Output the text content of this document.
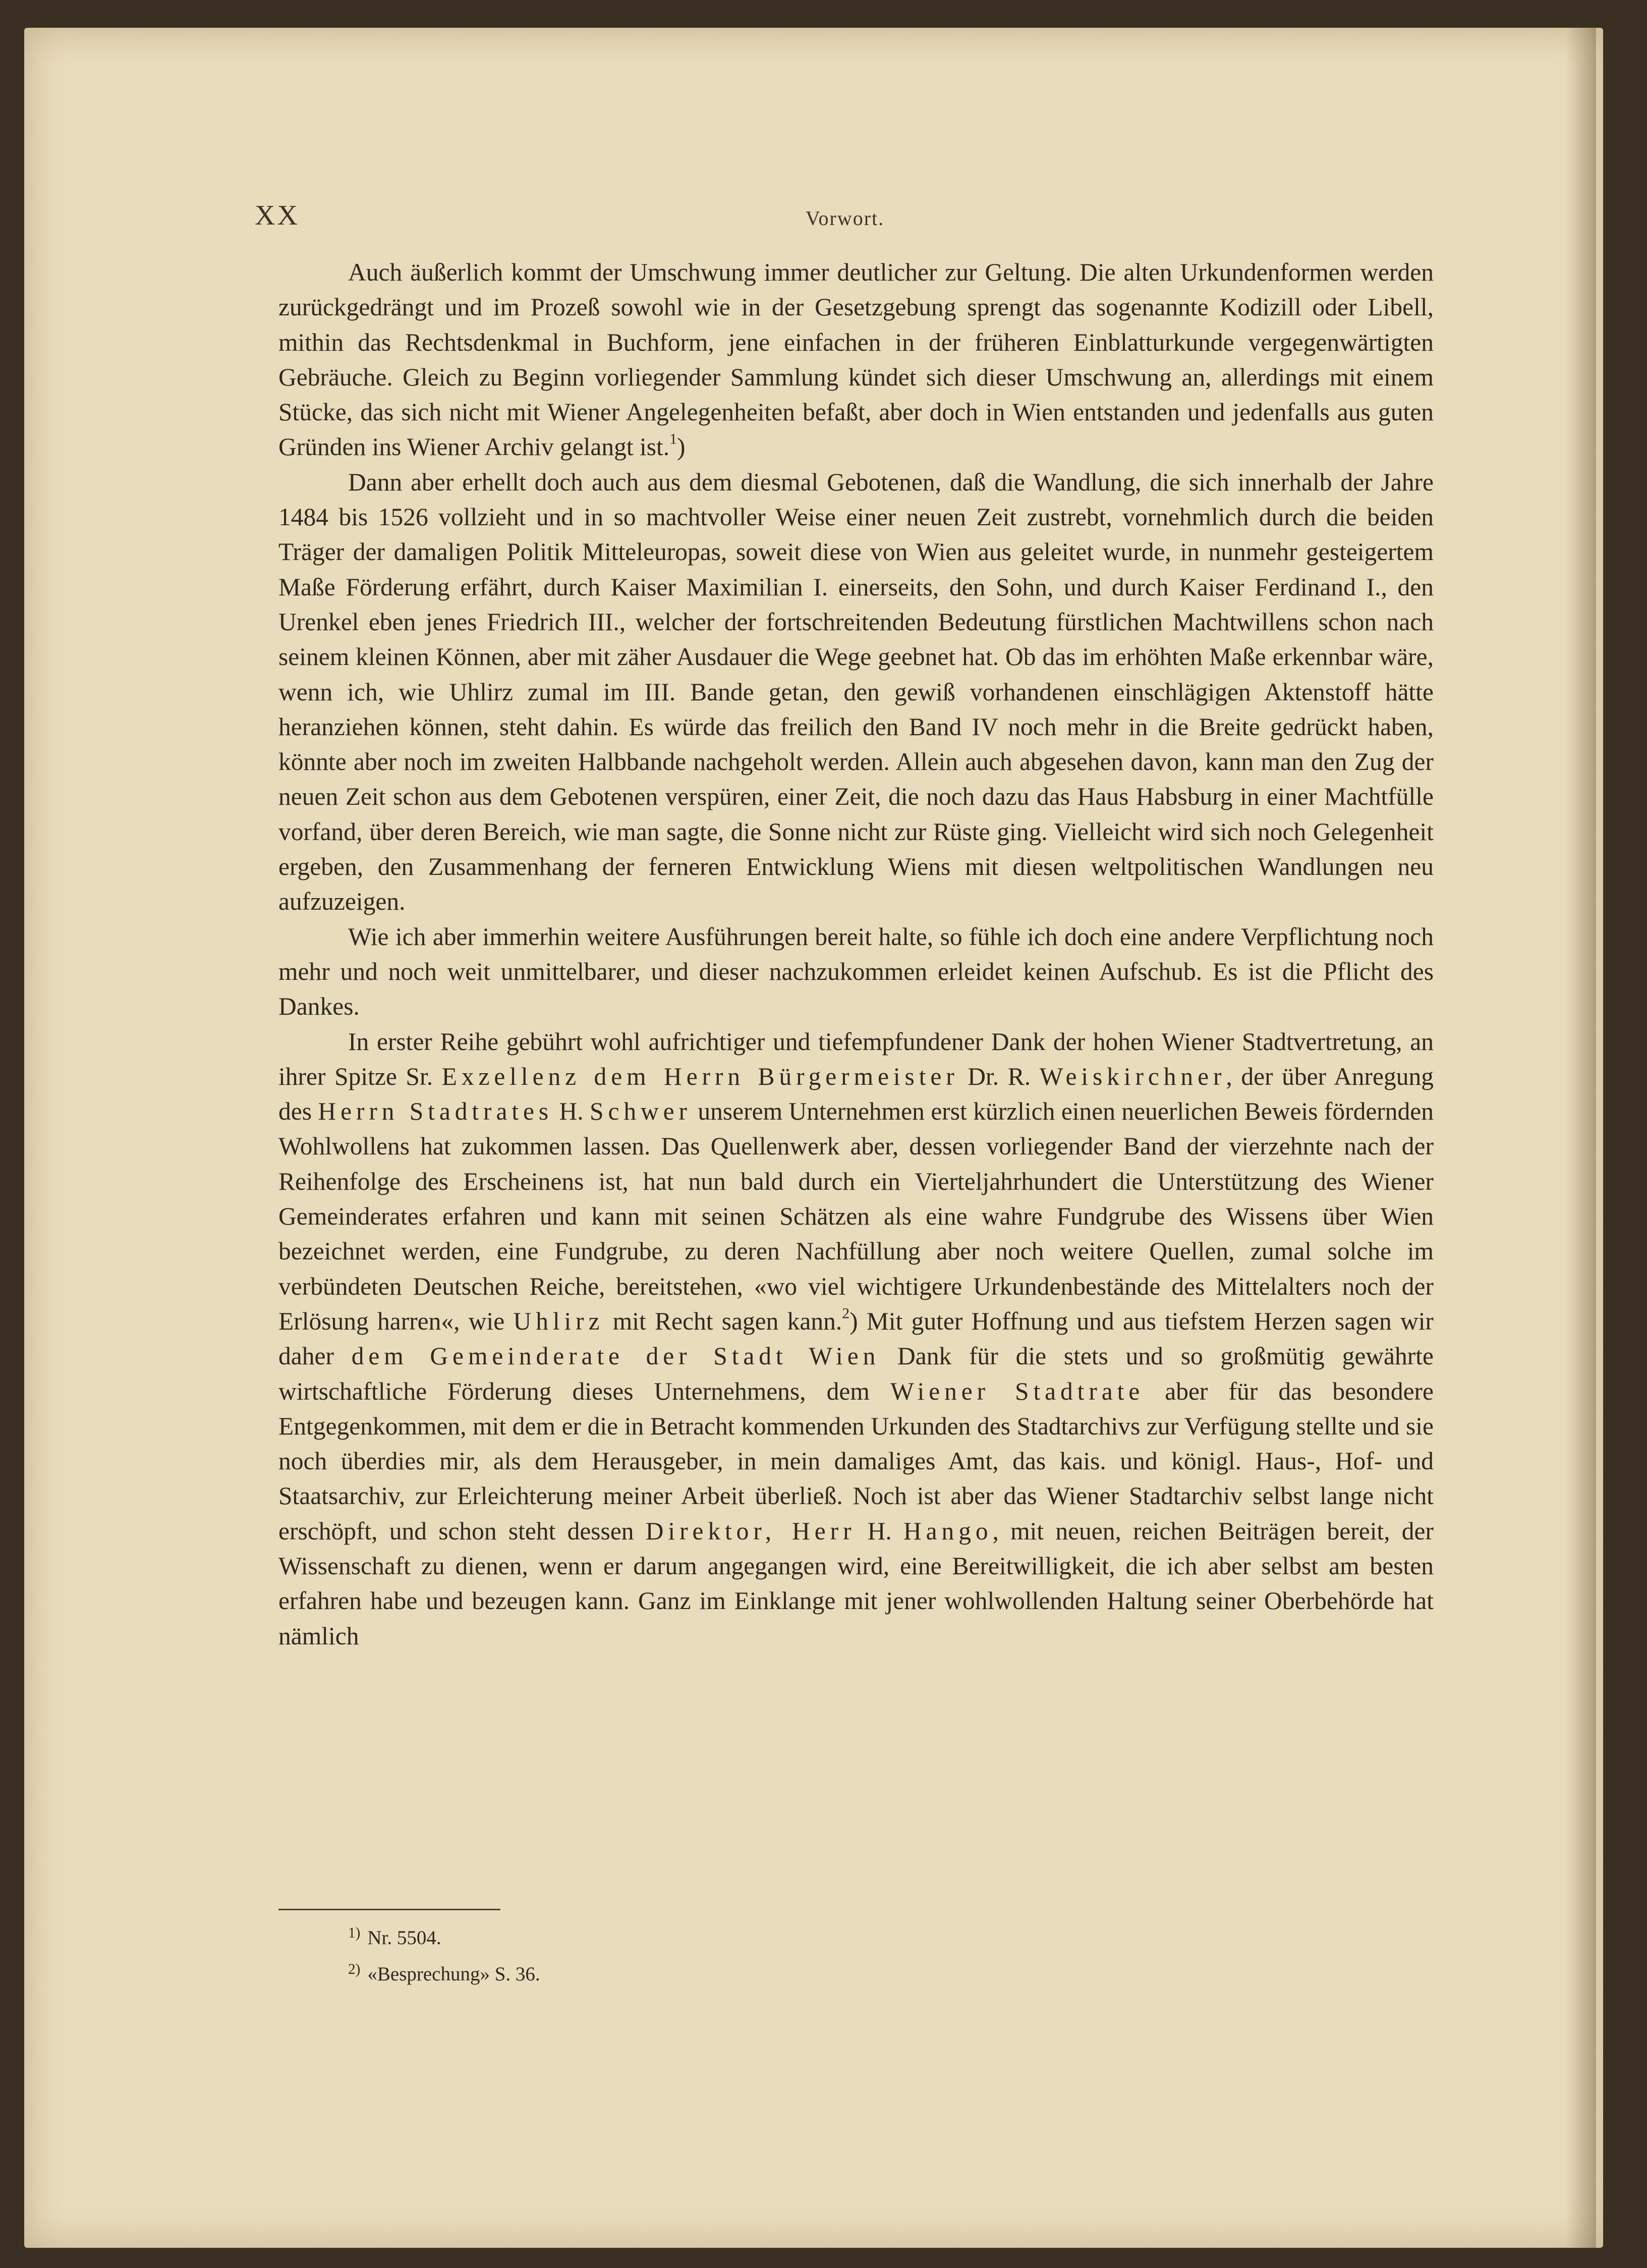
XX	Vorwort.

Auch äußerlich kommt der Umschwung immer deutlicher zur Geltung. Die alten Urkundenformen werden zurückgedrängt und im Prozeß sowohl wie in der Gesetzgebung sprengt das sogenannte Kodizill oder Libell, mithin das Rechtsdenkmal in Buchform, jene einfachen in der früheren Einblatturkunde vergegenwärtigten Gebräuche. Gleich zu Beginn vorliegender Sammlung kündet sich dieser Umschwung an, allerdings mit einem Stücke, das sich nicht mit Wiener Angelegenheiten befaßt, aber doch in Wien entstanden und jedenfalls aus guten Gründen ins Wiener Archiv gelangt ist.$^1$)

Dann aber erhellt doch auch aus dem diesmal Gebotenen, daß die Wandlung, die sich innerhalb der Jahre 1484 bis 1526 vollzieht und in so machtvoller Weise einer neuen Zeit zustrebt, vornehmlich durch die beiden Träger der damaligen Politik Mitteleuropas, soweit diese von Wien aus geleitet wurde, in nunmehr gesteigertem Maße Förderung erfährt, durch Kaiser Maximilian I. einerseits, den Sohn, und durch Kaiser Ferdinand I., den Urenkel eben jenes Friedrich III., welcher der fortschreitenden Bedeutung fürstlichen Machtwillens schon nach seinem kleinen Können, aber mit zäher Ausdauer die Wege geebnet hat. Ob das im erhöhten Maße erkennbar wäre, wenn ich, wie Uhlirz zumal im III. Bande getan, den gewiß vorhandenen einschlägigen Aktenstoff hätte heranziehen können, steht dahin. Es würde das freilich den Band IV noch mehr in die Breite gedrückt haben, könnte aber noch im zweiten Halbbande nachgeholt werden. Allein auch abgesehen davon, kann man den Zug der neuen Zeit schon aus dem Gebotenen verspüren, einer Zeit, die noch dazu das Haus Habsburg in einer Machtfülle vorfand, über deren Bereich, wie man sagte, die Sonne nicht zur Rüste ging. Vielleicht wird sich noch Gelegenheit ergeben, den Zusammenhang der ferneren Entwicklung Wiens mit diesen weltpolitischen Wandlungen neu aufzuzeigen.

Wie ich aber immerhin weitere Ausführungen bereit halte, so fühle ich doch eine andere Verpflichtung noch mehr und noch weit unmittelbarer, und dieser nachzukommen erleidet keinen Aufschub. Es ist die Pflicht des Dankes.

In erster Reihe gebührt wohl aufrichtiger und tiefempfundener Dank der hohen Wiener Stadtvertretung, an ihrer Spitze Sr. Exzellenz dem Herrn Bürgermeister Dr. R. Weiskirchner, der über Anregung des Herrn Stadtrates H. Schwer unserem Unternehmen erst kürzlich einen neuerlichen Beweis fördernden Wohlwollens hat zukommen lassen. Das Quellenwerk aber, dessen vorliegender Band der vierzehnte nach der Reihenfolge des Erscheinens ist, hat nun bald durch ein Vierteljahrhundert die Unterstützung des Wiener Gemeinderates erfahren und kann mit seinen Schätzen als eine wahre Fundgrube des Wissens über Wien bezeichnet werden, eine Fundgrube, zu deren Nachfüllung aber noch weitere Quellen, zumal solche im verbündeten Deutschen Reiche, bereitstehen, «wo viel wichtigere Urkundenbestände des Mittelalters noch der Erlösung harren«, wie Uhlirz mit Recht sagen kann.$^2$) Mit guter Hoffnung und aus tiefstem Herzen sagen wir daher dem Gemeinderate der Stadt Wien Dank für die stets und so großmütig gewährte wirtschaftliche Förderung dieses Unternehmens, dem Wiener Stadtrate aber für das besondere Entgegenkommen, mit dem er die in Betracht kommenden Urkunden des Stadtarchivs zur Verfügung stellte und sie noch überdies mir, als dem Herausgeber, in mein damaliges Amt, das kais. und königl. Haus-, Hof- und Staatsarchiv, zur Erleichterung meiner Arbeit überließ. Noch ist aber das Wiener Stadtarchiv selbst lange nicht erschöpft, und schon steht dessen Direktor, Herr H. Hango, mit neuen, reichen Beiträgen bereit, der Wissenschaft zu dienen, wenn er darum angegangen wird, eine Bereitwilligkeit, die ich aber selbst am besten erfahren habe und bezeugen kann. Ganz im Einklange mit jener wohlwollenden Haltung seiner Oberbehörde hat nämlich

$^{1)}$ Nr. 5504.
$^{2)}$ «Besprechung» S. 36.
